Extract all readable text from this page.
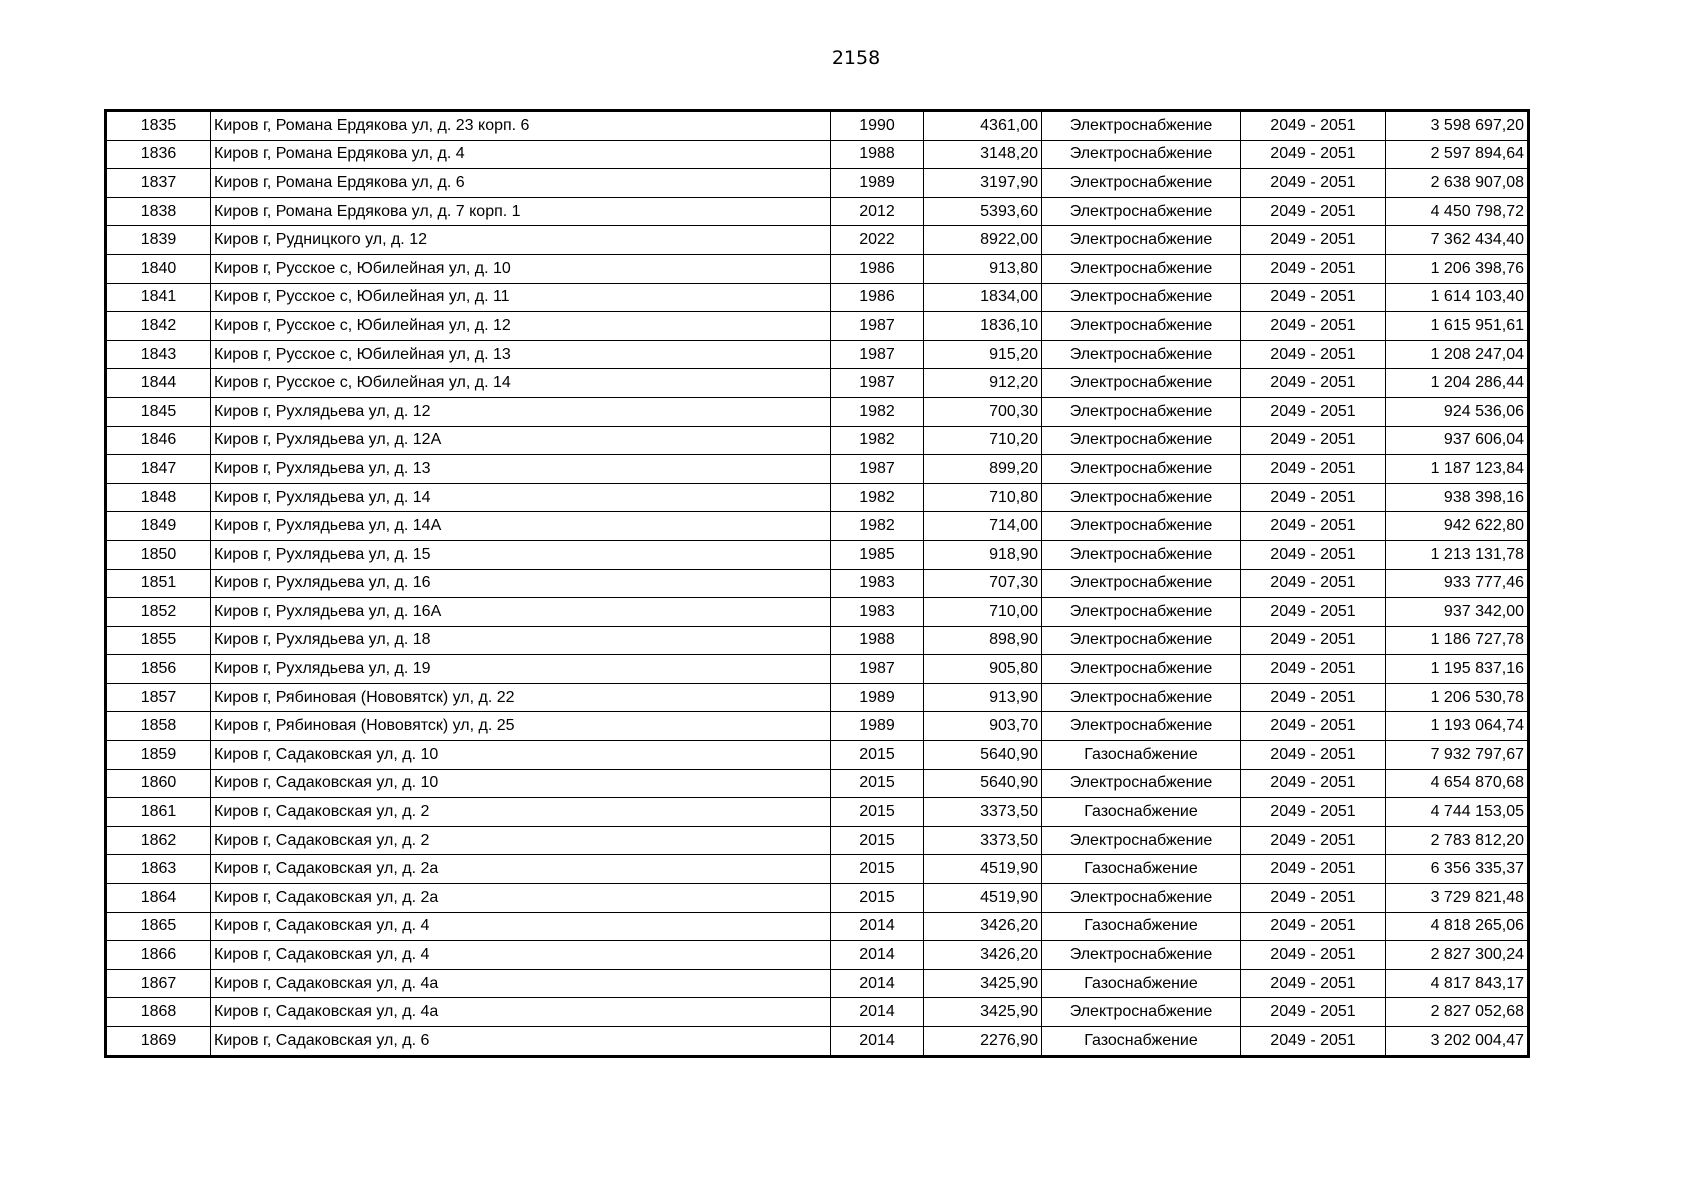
2158
1835	Киров г, Романа Ердякова ул, д. 23 корп. 6	1990	4361,00	Электроснабжение	2049 - 2051	3 598 697,20
1836	Киров г, Романа Ердякова ул, д. 4	1988	3148,20	Электроснабжение	2049 - 2051	2 597 894,64
1837	Киров г, Романа Ердякова ул, д. 6	1989	3197,90	Электроснабжение	2049 - 2051	2 638 907,08
1838	Киров г, Романа Ердякова ул, д. 7 корп. 1	2012	5393,60	Электроснабжение	2049 - 2051	4 450 798,72
1839	Киров г, Рудницкого ул, д. 12	2022	8922,00	Электроснабжение	2049 - 2051	7 362 434,40
1840	Киров г, Русское с, Юбилейная ул, д. 10	1986	913,80	Электроснабжение	2049 - 2051	1 206 398,76
1841	Киров г, Русское с, Юбилейная ул, д. 11	1986	1834,00	Электроснабжение	2049 - 2051	1 614 103,40
1842	Киров г, Русское с, Юбилейная ул, д. 12	1987	1836,10	Электроснабжение	2049 - 2051	1 615 951,61
1843	Киров г, Русское с, Юбилейная ул, д. 13	1987	915,20	Электроснабжение	2049 - 2051	1 208 247,04
1844	Киров г, Русское с, Юбилейная ул, д. 14	1987	912,20	Электроснабжение	2049 - 2051	1 204 286,44
1845	Киров г, Рухлядьева ул, д. 12	1982	700,30	Электроснабжение	2049 - 2051	924 536,06
1846	Киров г, Рухлядьева ул, д. 12А	1982	710,20	Электроснабжение	2049 - 2051	937 606,04
1847	Киров г, Рухлядьева ул, д. 13	1987	899,20	Электроснабжение	2049 - 2051	1 187 123,84
1848	Киров г, Рухлядьева ул, д. 14	1982	710,80	Электроснабжение	2049 - 2051	938 398,16
1849	Киров г, Рухлядьева ул, д. 14А	1982	714,00	Электроснабжение	2049 - 2051	942 622,80
1850	Киров г, Рухлядьева ул, д. 15	1985	918,90	Электроснабжение	2049 - 2051	1 213 131,78
1851	Киров г, Рухлядьева ул, д. 16	1983	707,30	Электроснабжение	2049 - 2051	933 777,46
1852	Киров г, Рухлядьева ул, д. 16А	1983	710,00	Электроснабжение	2049 - 2051	937 342,00
1855	Киров г, Рухлядьева ул, д. 18	1988	898,90	Электроснабжение	2049 - 2051	1 186 727,78
1856	Киров г, Рухлядьева ул, д. 19	1987	905,80	Электроснабжение	2049 - 2051	1 195 837,16
1857	Киров г, Рябиновая (Нововятск) ул, д. 22	1989	913,90	Электроснабжение	2049 - 2051	1 206 530,78
1858	Киров г, Рябиновая (Нововятск) ул, д. 25	1989	903,70	Электроснабжение	2049 - 2051	1 193 064,74
1859	Киров г, Садаковская ул, д. 10	2015	5640,90	Газоснабжение	2049 - 2051	7 932 797,67
1860	Киров г, Садаковская ул, д. 10	2015	5640,90	Электроснабжение	2049 - 2051	4 654 870,68
1861	Киров г, Садаковская ул, д. 2	2015	3373,50	Газоснабжение	2049 - 2051	4 744 153,05
1862	Киров г, Садаковская ул, д. 2	2015	3373,50	Электроснабжение	2049 - 2051	2 783 812,20
1863	Киров г, Садаковская ул, д. 2а	2015	4519,90	Газоснабжение	2049 - 2051	6 356 335,37
1864	Киров г, Садаковская ул, д. 2а	2015	4519,90	Электроснабжение	2049 - 2051	3 729 821,48
1865	Киров г, Садаковская ул, д. 4	2014	3426,20	Газоснабжение	2049 - 2051	4 818 265,06
1866	Киров г, Садаковская ул, д. 4	2014	3426,20	Электроснабжение	2049 - 2051	2 827 300,24
1867	Киров г, Садаковская ул, д. 4а	2014	3425,90	Газоснабжение	2049 - 2051	4 817 843,17
1868	Киров г, Садаковская ул, д. 4а	2014	3425,90	Электроснабжение	2049 - 2051	2 827 052,68
1869	Киров г, Садаковская ул, д. 6	2014	2276,90	Газоснабжение	2049 - 2051	3 202 004,47
